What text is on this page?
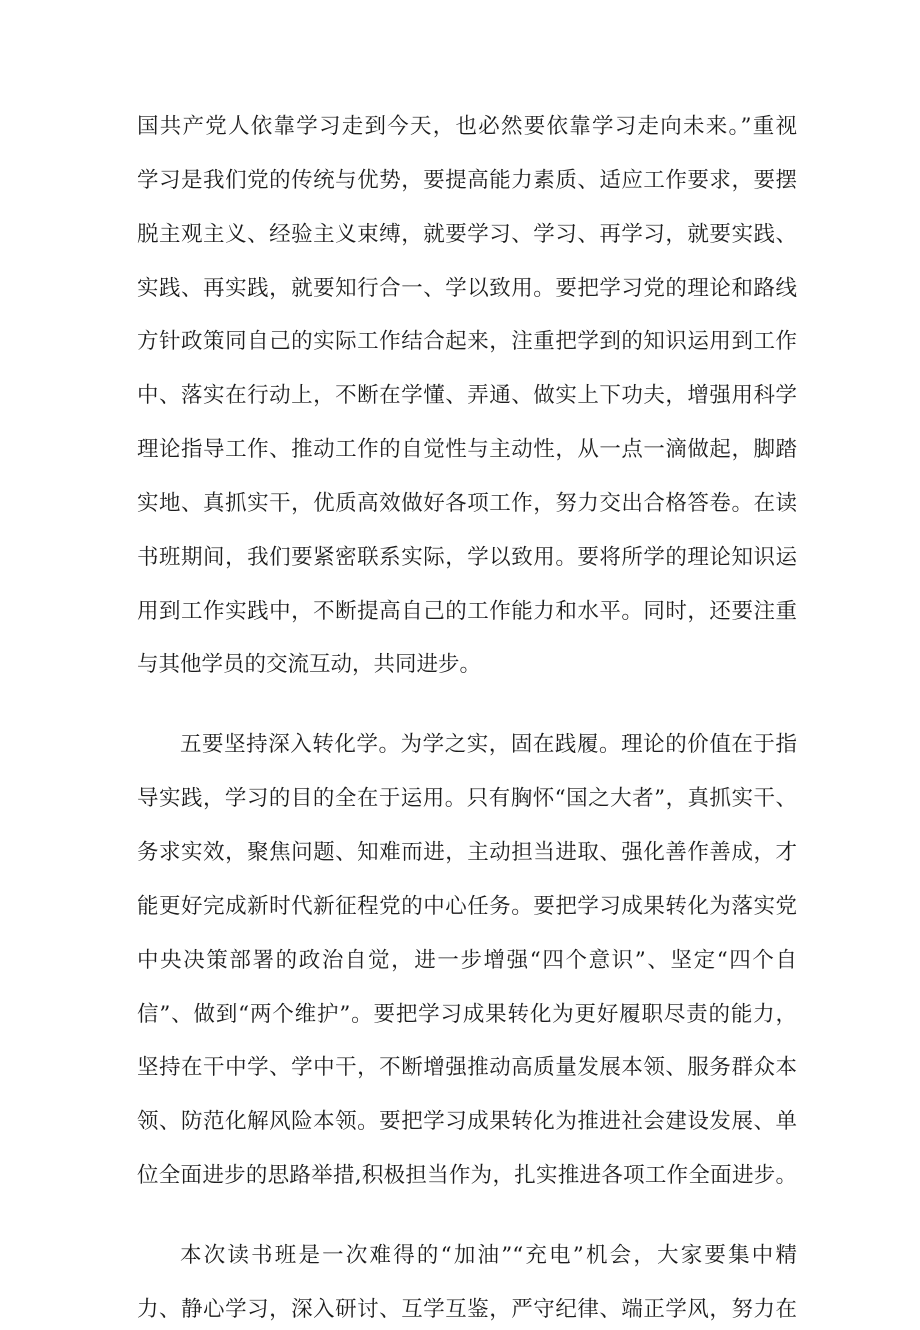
国共产党人依靠学习走到今天，也必然要依靠学习走向未来。”重视
学习是我们党的传统与优势，要提高能力素质、适应工作要求，要摆
脱主观主义、经验主义束缚，就要学习、学习、再学习，就要实践、
实践、再实践，就要知行合一、学以致用。要把学习党的理论和路线
方针政策同自己的实际工作结合起来，注重把学到的知识运用到工作
中、落实在行动上，不断在学懂、弄通、做实上下功夫，增强用科学
理论指导工作、推动工作的自觉性与主动性，从一点一滴做起，脚踏
实地、真抓实干，优质高效做好各项工作，努力交出合格答卷。在读
书班期间，我们要紧密联系实际，学以致用。要将所学的理论知识运
用到工作实践中，不断提高自己的工作能力和水平。同时，还要注重
与其他学员的交流互动，共同进步。
五要坚持深入转化学。为学之实，固在践履。理论的价值在于指
导实践，学习的目的全在于运用。只有胸怀“国之大者”，真抓实干、
务求实效，聚焦问题、知难而进，主动担当进取、强化善作善成，才
能更好完成新时代新征程党的中心任务。要把学习成果转化为落实党
中央决策部署的政治自觉，进一步增强“四个意识”、坚定“四个自
信”、做到“两个维护”。要把学习成果转化为更好履职尽责的能力，
坚持在干中学、学中干，不断增强推动高质量发展本领、服务群众本
领、防范化解风险本领。要把学习成果转化为推进社会建设发展、单
位全面进步的思路举措,积极担当作为，扎实推进各项工作全面进步。
本次读书班是一次难得的“加油”“充电”机会，大家要集中精
力、静心学习，深入研讨、互学互鉴，严守纪律、端正学风，努力在
